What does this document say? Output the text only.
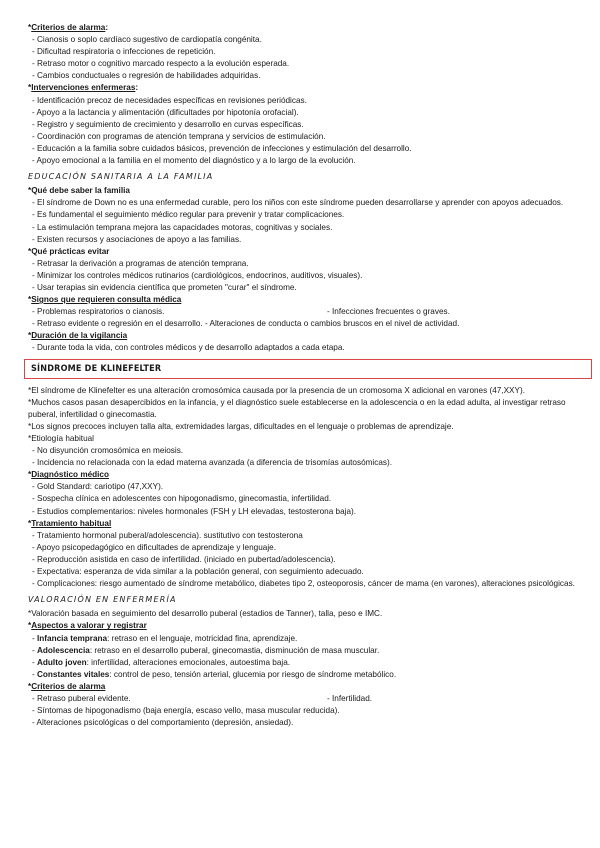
*Criterios de alarma:
- Cianosis o soplo cardíaco sugestivo de cardiopatía congénita.
- Dificultad respiratoria o infecciones de repetición.
- Retraso motor o cognitivo marcado respecto a la evolución esperada.
- Cambios conductuales o regresión de habilidades adquiridas.
*Intervenciones enfermeras:
- Identificación precoz de necesidades específicas en revisiones periódicas.
- Apoyo a la lactancia y alimentación (dificultades por hipotonía orofacial).
- Registro y seguimiento de crecimiento y desarrollo en curvas específicas.
- Coordinación con programas de atención temprana y servicios de estimulación.
- Educación a la familia sobre cuidados básicos, prevención de infecciones y estimulación del desarrollo.
- Apoyo emocional a la familia en el momento del diagnóstico y a lo largo de la evolución.
EDUCACIÓN SANITARIA A LA FAMILIA
*Qué debe saber la familia
- El síndrome de Down no es una enfermedad curable, pero los niños con este síndrome pueden desarrollarse y aprender con apoyos adecuados.
- Es fundamental el seguimiento médico regular para prevenir y tratar complicaciones.
- La estimulación temprana mejora las capacidades motoras, cognitivas y sociales.
- Existen recursos y asociaciones de apoyo a las familias.
*Qué prácticas evitar
- Retrasar la derivación a programas de atención temprana.
- Minimizar los controles médicos rutinarios (cardiológicos, endocrinos, auditivos, visuales).
- Usar terapias sin evidencia científica que prometen "curar" el síndrome.
*Signos que requieren consulta médica
- Problemas respiratorios o cianosis.	- Infecciones frecuentes o graves.
- Retraso evidente o regresión en el desarrollo. - Alteraciones de conducta o cambios bruscos en el nivel de actividad.
*Duración de la vigilancia
- Durante toda la vida, con controles médicos y de desarrollo adaptados a cada etapa.
SÍNDROME DE KLINEFELTER
*El síndrome de Klinefelter es una alteración cromosómica causada por la presencia de un cromosoma X adicional en varones (47,XXY).
*Muchos casos pasan desapercibidos en la infancia, y el diagnóstico suele establecerse en la adolescencia o en la edad adulta, al investigar retraso puberal, infertilidad o ginecomastia.
*Los signos precoces incluyen talla alta, extremidades largas, dificultades en el lenguaje o problemas de aprendizaje.
*Etiología habitual
- No disyunción cromosómica en meiosis.
- Incidencia no relacionada con la edad materna avanzada (a diferencia de trisomías autosómicas).
*Diagnóstico médico
- Gold Standard: cariotipo (47,XXY).
- Sospecha clínica en adolescentes con hipogonadismo, ginecomastia, infertilidad.
- Estudios complementarios: niveles hormonales (FSH y LH elevadas, testosterona baja).
*Tratamiento habitual
- Tratamiento hormonal puberal/adolescencia). sustitutivo con testosterona
- Apoyo psicopedagógico en dificultades de aprendizaje y lenguaje.
- Reproducción asistida en caso de infertilidad. (iniciado en pubertad/adolescencia).
- Expectativa: esperanza de vida similar a la población general, con seguimiento adecuado.
- Complicaciones: riesgo aumentado de síndrome metabólico, diabetes tipo 2, osteoporosis, cáncer de mama (en varones), alteraciones psicológicas.
VALORACIÓN EN ENFERMERÍA
*Valoración basada en seguimiento del desarrollo puberal (estadios de Tanner), talla, peso e IMC.
*Aspectos a valorar y registrar
- Infancia temprana: retraso en el lenguaje, motricidad fina, aprendizaje.
- Adolescencia: retraso en el desarrollo puberal, ginecomastia, disminución de masa muscular.
- Adulto joven: infertilidad, alteraciones emocionales, autoestima baja.
- Constantes vitales: control de peso, tensión arterial, glucemia por riesgo de síndrome metabólico.
*Criterios de alarma
- Retraso puberal evidente.	- Infertilidad.
- Síntomas de hipogonadismo (baja energía, escaso vello, masa muscular reducida).
- Alteraciones psicológicas o del comportamiento (depresión, ansiedad).
